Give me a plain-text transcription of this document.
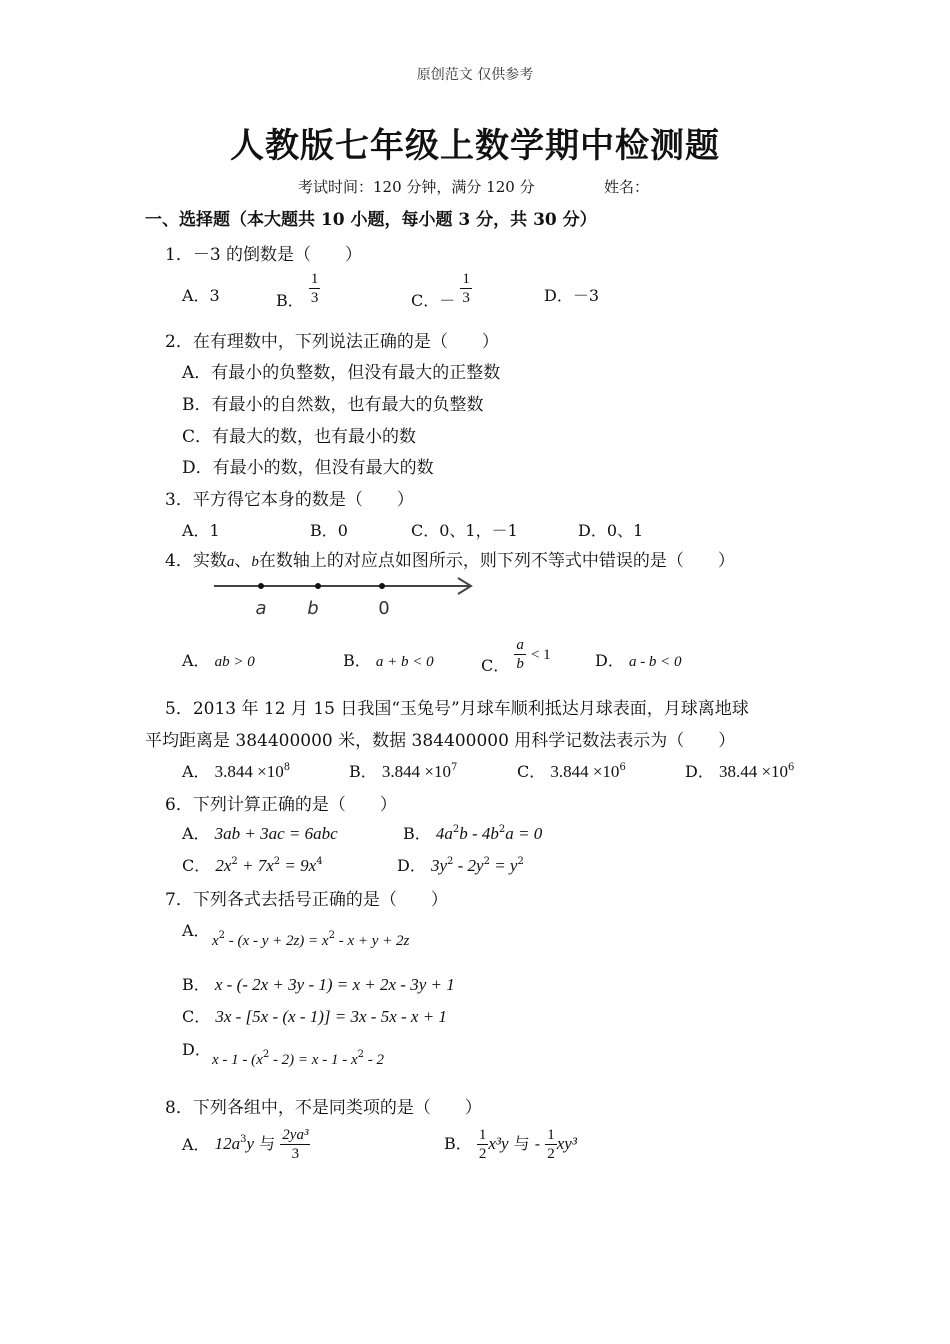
原创范文 仅供参考
人教版七年级上数学期中检测题
考试时间：120 分钟，满分 120 分	姓名：
一、选择题（本大题共 10 小题，每小题 3 分，共 30 分）
1．－3 的倒数是（　　）
A．3	B． $\frac{1}{3}$	C．－ $\frac{1}{3}$	D．－3
2．在有理数中，下列说法正确的是（　　）
A．有最小的负整数，但没有最大的正整数
B．有最小的自然数，也有最大的负整数
C．有最大的数，也有最小的数
D．有最小的数，但没有最大的数
3．平方得它本身的数是（　　）
A．1	B．0	C．0、1，－1	D．0、1
4．实数a、b在数轴上的对应点如图所示，则下列不等式中错误的是（　　）
a b	0
A． ab > 0	B． a + b < 0	C． $\frac{a}{b} < 1$	D． a - b < 0
5．2013 年 12 月 15 日我国“玉兔号”月球车顺利抵达月球表面，月球离地球
平均距离是 384400000 米，数据 384400000 用科学记数法表示为（　　）
A． $3.844 \times 10^8$	B． $3.844 \times 10^7$	C． $3.844 \times 10^6$	D． $38.44 \times 10^6$
6．下列计算正确的是（　　）
A． 3ab + 3ac = 6abc	B． $4a^2b - 4b^2a = 0$
C． $2x^2 + 7x^2 = 9x^4$	D． $3y^2 - 2y^2 = y^2$
7．下列各式去括号正确的是（　　）
A．
$x^2 - (x - y + 2z) = x^2 - x + y + 2z$
B． x - (- 2x + 3y - 1) = x + 2x - 3y + 1
C． 3x - [5x - (x - 1)] = 3x - 5x - x + 1
D．
$x - 1 - (x^2 - 2) = x - 1 - x^2 - 2$
8．下列各组中，不是同类项的是（　　）
A． $12a^3y$ 与 $\frac{\text{2ya³}}{3}$	B． $\frac{1}{2} x^3y$ 与 - $\frac{1}{2} xy^3$
